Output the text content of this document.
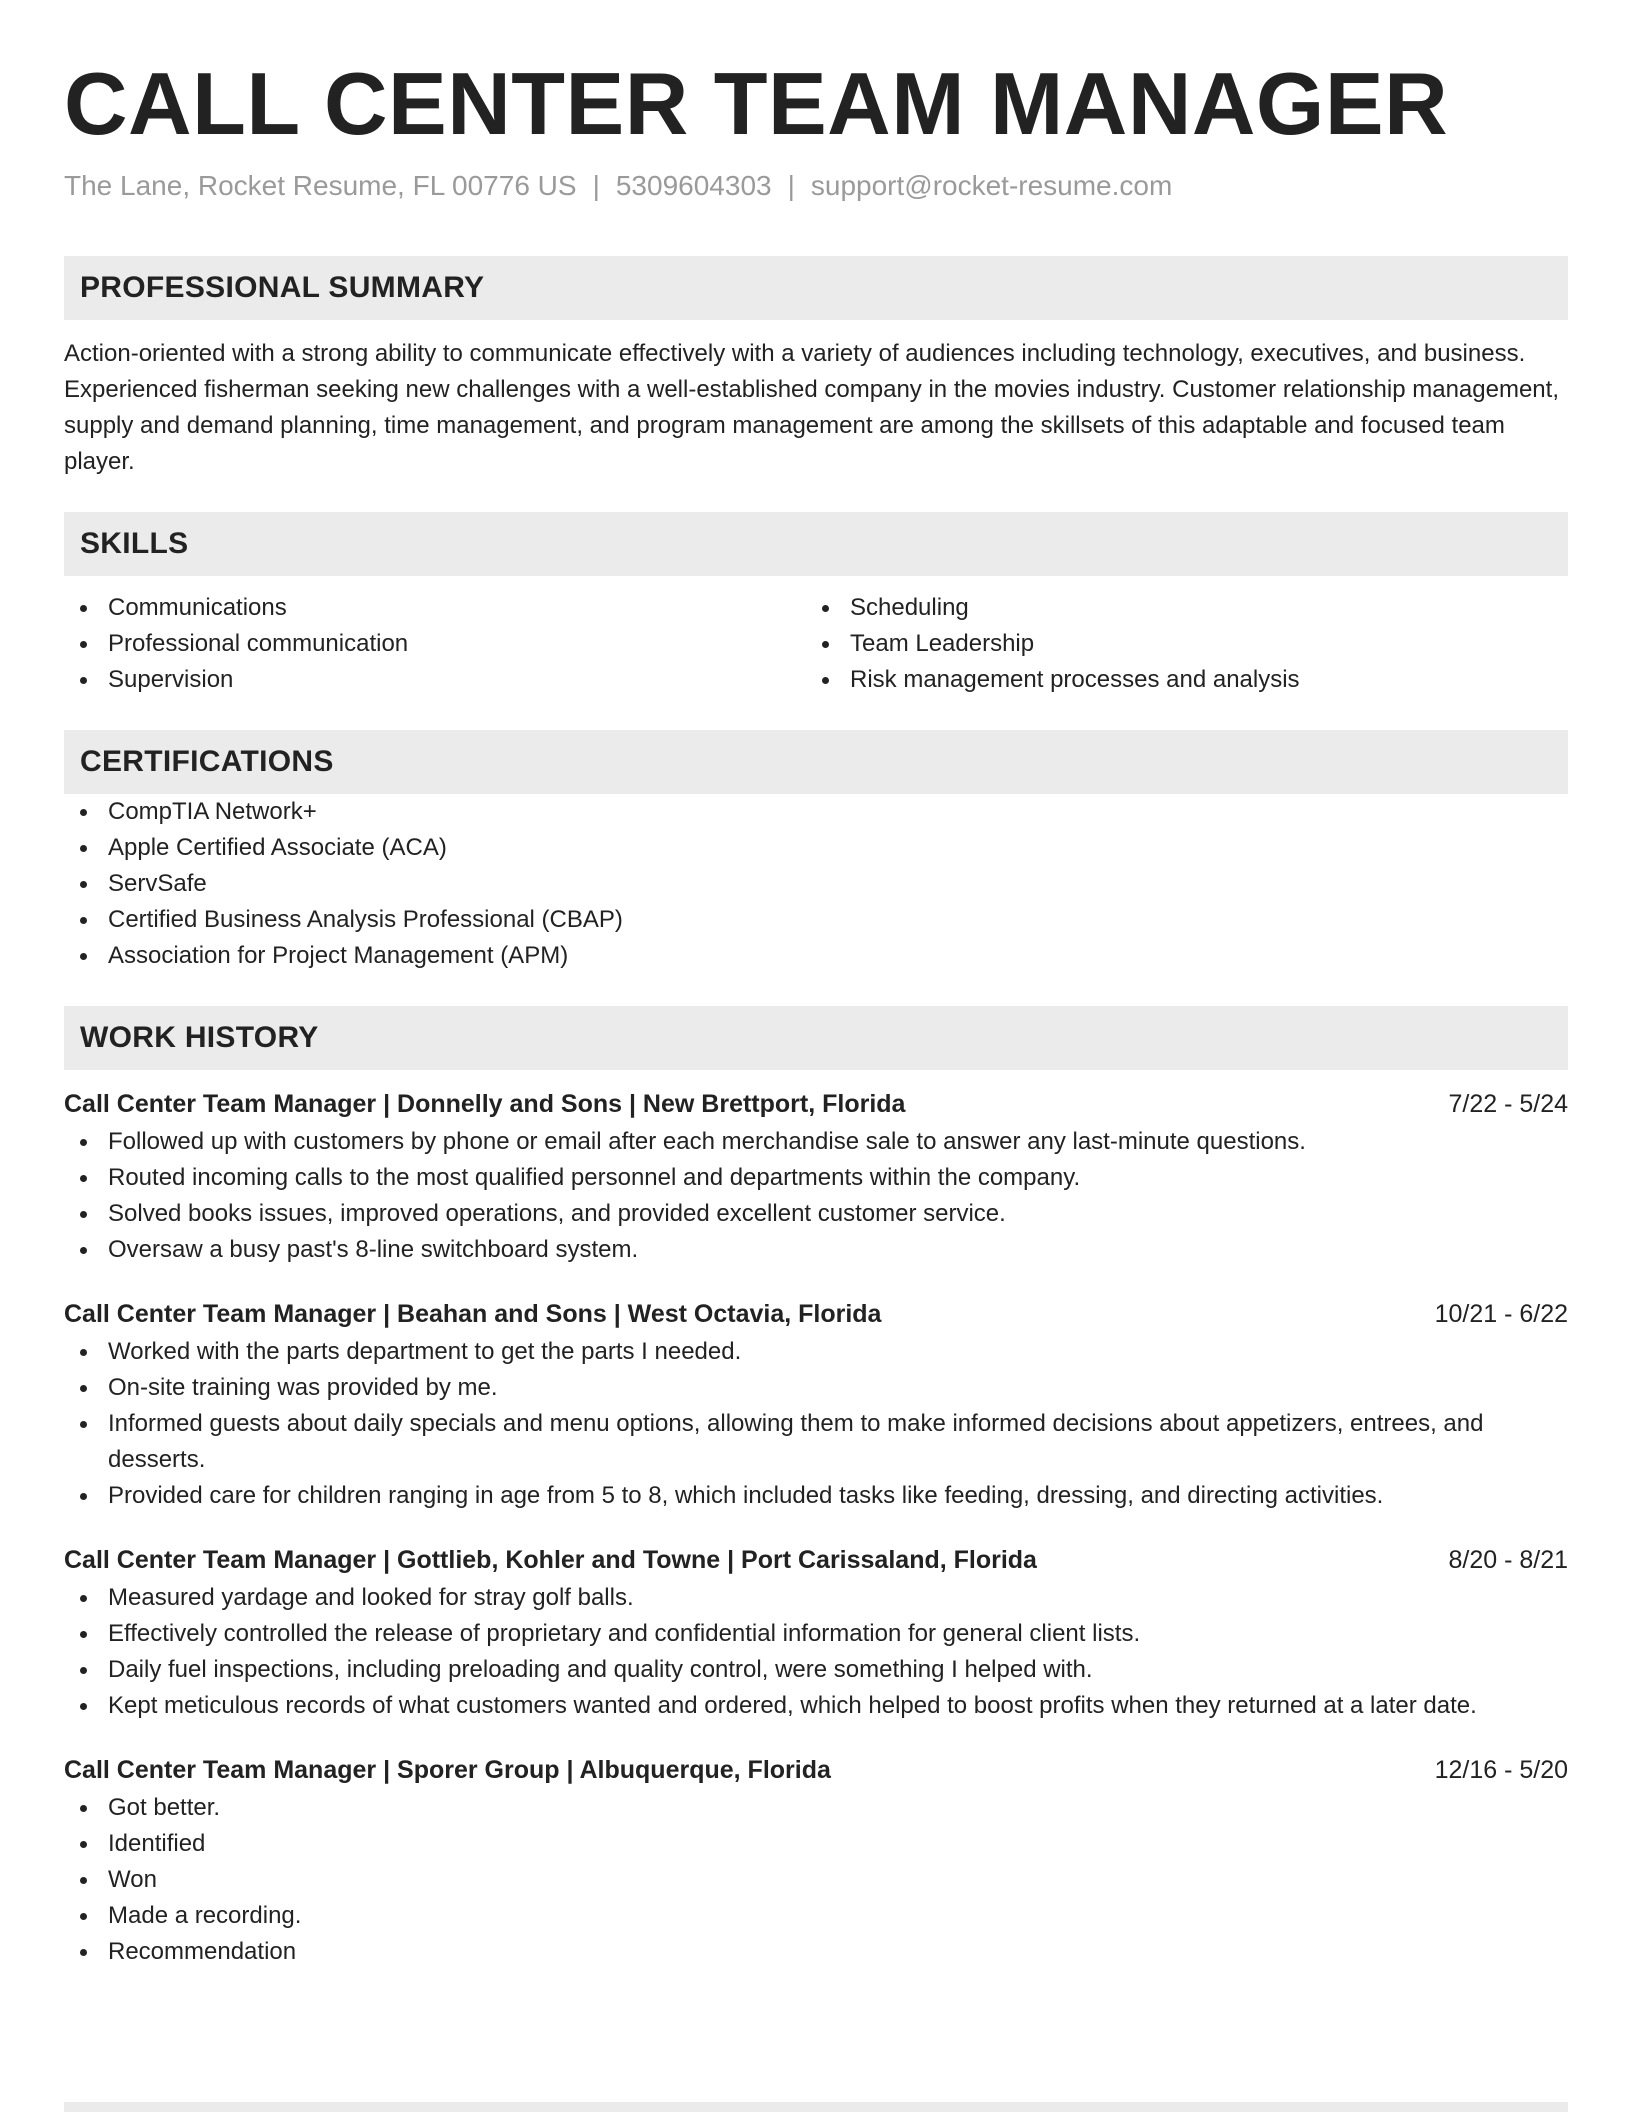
CALL CENTER TEAM MANAGER
The Lane, Rocket Resume, FL 00776 US | 5309604303 | support@rocket-resume.com
PROFESSIONAL SUMMARY

Action-oriented with a strong ability to communicate effectively with a variety of audiences including technology, executives, and business. Experienced fisherman seeking new challenges with a well-established company in the movies industry. Customer relationship management, supply and demand planning, time management, and program management are among the skillsets of this adaptable and focused team player.

SKILLS
Communications
Professional communication
Supervision
Scheduling
Team Leadership
Risk management processes and analysis
CERTIFICATIONS
CompTIA Network+
Apple Certified Associate (ACA)
ServSafe
Certified Business Analysis Professional (CBAP)
Association for Project Management (APM)
WORK HISTORY
Call Center Team Manager | Donnelly and Sons | New Brettport, Florida	7/22 - 5/24
Followed up with customers by phone or email after each merchandise sale to answer any last-minute questions.
Routed incoming calls to the most qualified personnel and departments within the company.
Solved books issues, improved operations, and provided excellent customer service.
Oversaw a busy past's 8-line switchboard system.
Call Center Team Manager | Beahan and Sons | West Octavia, Florida	10/21 - 6/22
Worked with the parts department to get the parts I needed.
On-site training was provided by me.
Informed guests about daily specials and menu options, allowing them to make informed decisions about appetizers, entrees, and desserts.
Provided care for children ranging in age from 5 to 8, which included tasks like feeding, dressing, and directing activities.
Call Center Team Manager | Gottlieb, Kohler and Towne | Port Carissaland, Florida	8/20 - 8/21
Measured yardage and looked for stray golf balls.
Effectively controlled the release of proprietary and confidential information for general client lists.
Daily fuel inspections, including preloading and quality control, were something I helped with.
Kept meticulous records of what customers wanted and ordered, which helped to boost profits when they returned at a later date.
Call Center Team Manager | Sporer Group | Albuquerque, Florida	12/16 - 5/20
Got better.
Identified
Won
Made a recording.
Recommendation
